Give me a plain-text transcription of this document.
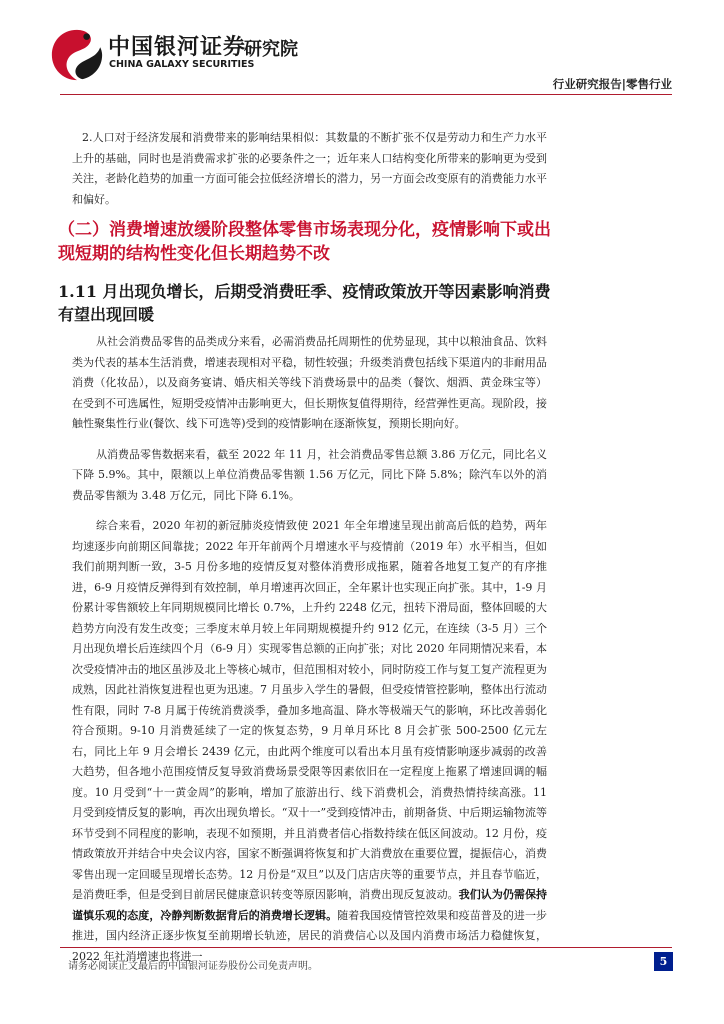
中国银河证券
CHINA GALAXY SECURITIES
研究院
行业研究报告|零售行业

2.人口对于经济发展和消费带来的影响结果相似：其数量的不断扩张不仅是劳动力和生产力水平上升的基础，同时也是消费需求扩张的必要条件之一；近年来人口结构变化所带来的影响更为受到关注，老龄化趋势的加重一方面可能会拉低经济增长的潜力，另一方面会改变原有的消费能力水平和偏好。

（二）消费增速放缓阶段整体零售市场表现分化，疫情影响下或出现短期的结构性变化但长期趋势不改
1.11 月出现负增长，后期受消费旺季、疫情政策放开等因素影响消费有望出现回暖

从社会消费品零售的品类成分来看，必需消费品托周期性的优势显现，其中以粮油食品、饮料类为代表的基本生活消费，增速表现相对平稳，韧性较强；升级类消费包括线下渠道内的非耐用品消费（化妆品），以及商务宴请、婚庆相关等线下消费场景中的品类（餐饮、烟酒、黄金珠宝等）在受到不可选属性，短期受疫情冲击影响更大，但长期恢复值得期待，经营弹性更高。现阶段，接触性聚集性行业(餐饮、线下可选等)受到的疫情影响在逐渐恢复，预期长期向好。

从消费品零售数据来看，截至 2022 年 11 月，社会消费品零售总额 3.86 万亿元，同比名义下降 5.9%。其中，限额以上单位消费品零售额 1.56 万亿元，同比下降 5.8%；除汽车以外的消费品零售额为 3.48 万亿元，同比下降 6.1%。

综合来看，2020 年初的新冠肺炎疫情致使 2021 年全年增速呈现出前高后低的趋势，两年均速逐步向前期区间靠拢；2022 年开年前两个月增速水平与疫情前（2019 年）水平相当，但如我们前期判断一致，3-5 月份多地的疫情反复对整体消费形成拖累，随着各地复工复产的有序推进，6-9 月疫情反弹得到有效控制，单月增速再次回正，全年累计也实现正向扩张。其中，1-9 月份累计零售额较上年同期规模同比增长 0.7%，上升约 2248 亿元，扭转下滑局面，整体回暖的大趋势方向没有发生改变；三季度末单月较上年同期规模提升约 912 亿元，在连续（3-5 月）三个月出现负增长后连续四个月（6-9 月）实现零售总额的正向扩张；对比 2020 年同期情况来看，本次受疫情冲击的地区虽涉及北上等核心城市，但范围相对较小，同时防疫工作与复工复产流程更为成熟，因此社消恢复进程也更为迅速。7 月虽步入学生的暑假，但受疫情管控影响，整体出行流动性有限，同时 7-8 月属于传统消费淡季，叠加多地高温、降水等极端天气的影响，环比改善弱化符合预期。9-10 月消费延续了一定的恢复态势，9 月单月环比 8 月会扩张 500-2500 亿元左右，同比上年 9 月会增长 2439 亿元，由此两个维度可以看出本月虽有疫情影响逐步减弱的改善大趋势，但各地小范围疫情反复导致消费场景受限等因素依旧在一定程度上拖累了增速回调的幅度。10 月受到“十一黄金周”的影响，增加了旅游出行、线下消费机会，消费热情持续高涨。11 月受到疫情反复的影响，再次出现负增长。“双十一”受到疫情冲击，前期备货、中后期运输物流等环节受到不同程度的影响，表现不如预期，并且消费者信心指数持续在低区间波动。12 月份，疫情政策放开并结合中央会议内容，国家不断强调将恢复和扩大消费放在重要位置，提振信心，消费零售出现一定回暖呈现增长态势。12 月份是“双旦”以及门店店庆等的重要节点，并且春节临近，是消费旺季，但是受到目前居民健康意识转变等原因影响，消费出现反复波动。我们认为仍需保持谨慎乐观的态度，冷静判断数据背后的消费增长逻辑。随着我国疫情管控效果和疫苗普及的进一步推进，国内经济正逐步恢复至前期增长轨迹，居民的消费信心以及国内消费市场活力稳健恢复，2022 年社消增速也将进一

请务必阅读正文最后的中国银河证券股份公司免责声明。	5
